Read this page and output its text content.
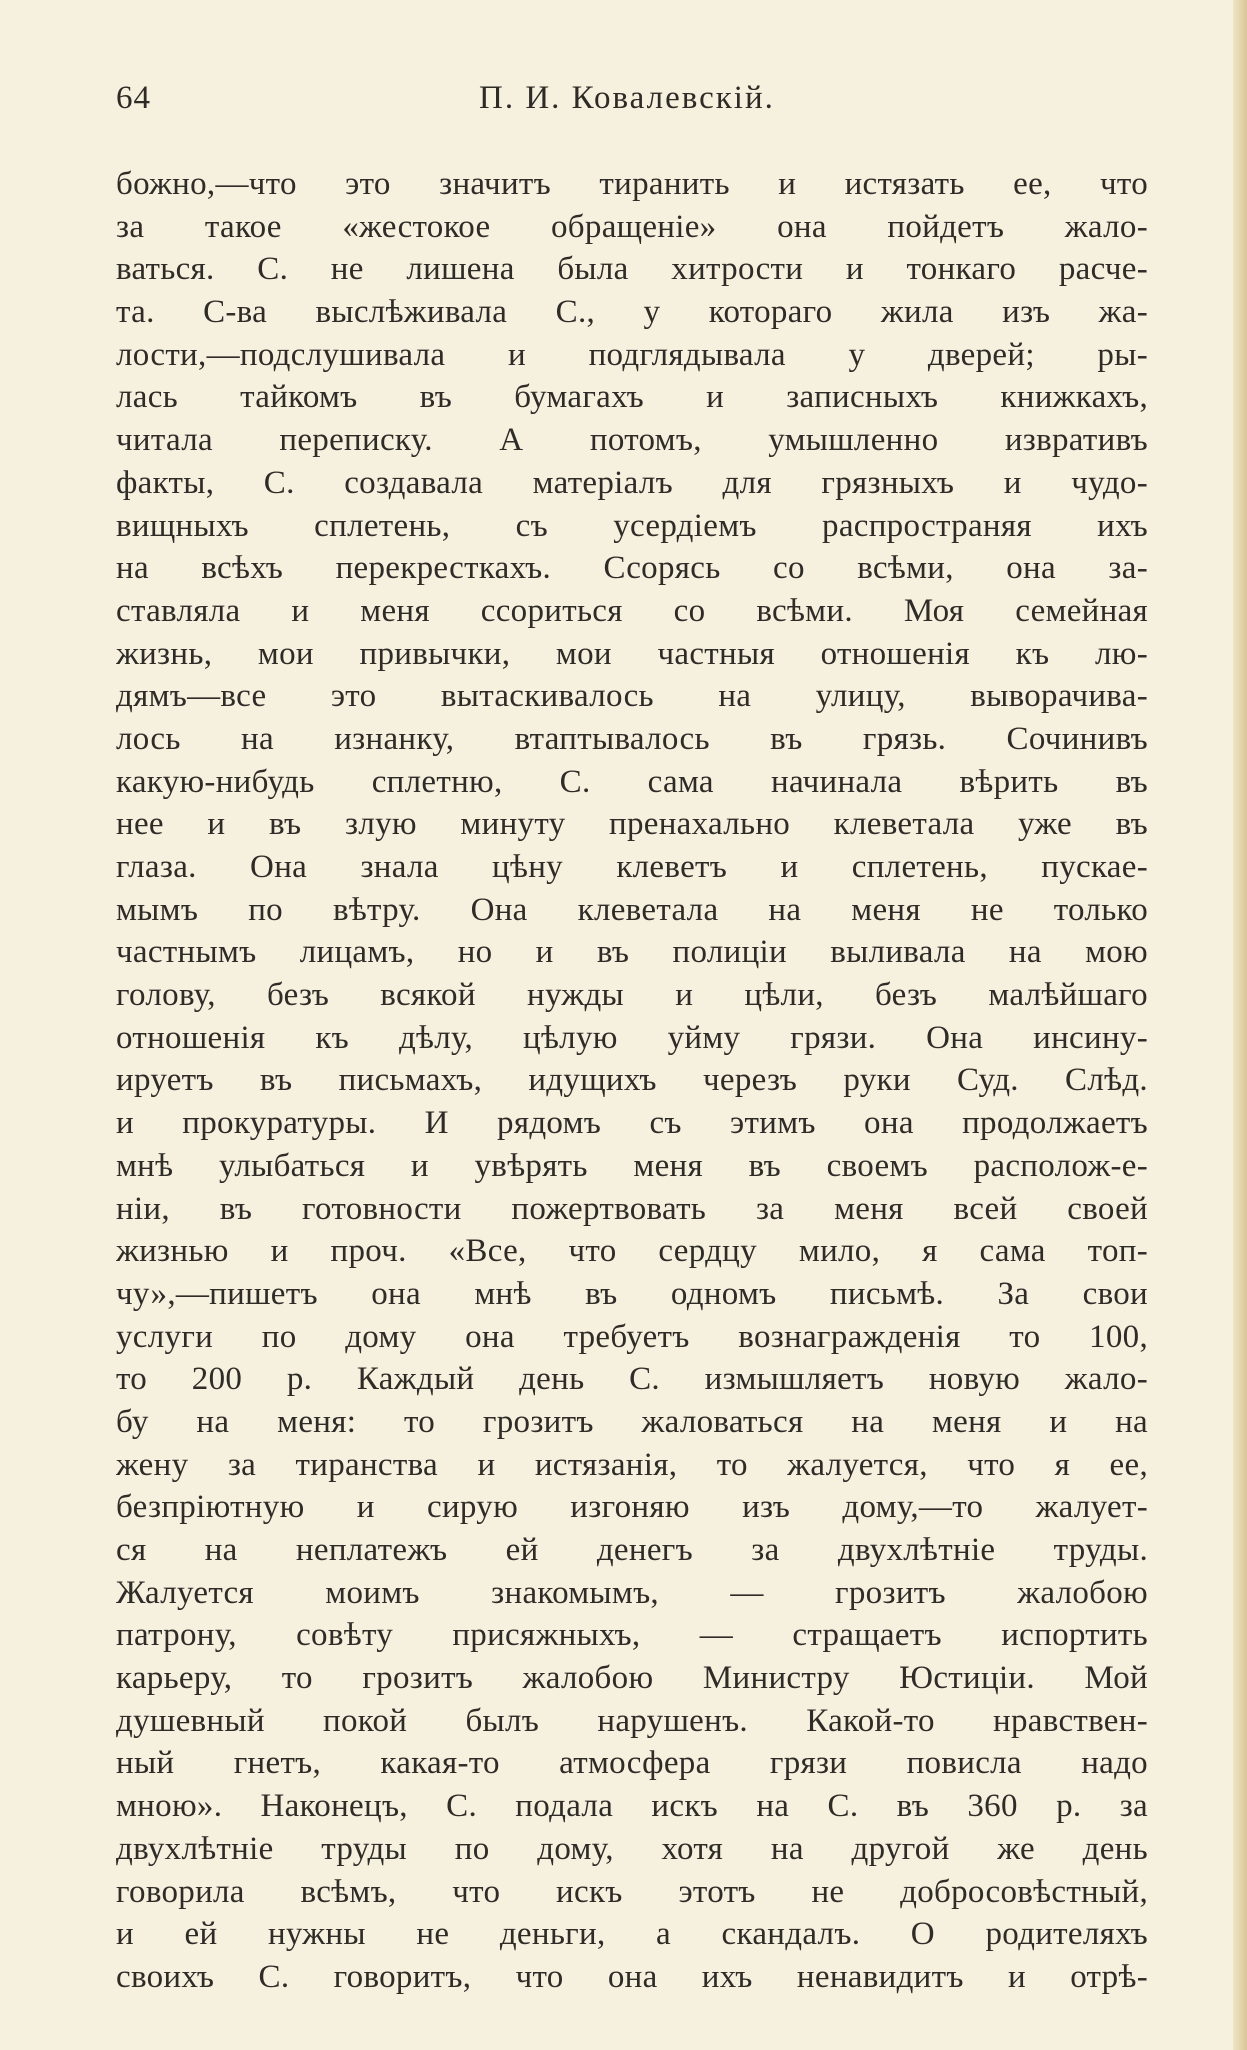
64	П. И. Ковалевскій.
божно,—что это значитъ тиранить и истязать ее, что
за такое «жестокое обращеніе» она пойдетъ жало-
ваться. С. не лишена была хитрости и тонкаго расче-
та. С-ва выслѣживала С., у котораго жила изъ жа-
лости,—подслушивала и подглядывала у дверей; ры-
лась тайкомъ въ бумагахъ и записныхъ книжкахъ,
читала переписку. А потомъ, умышленно извративъ
факты, С. создавала матеріалъ для грязныхъ и чудо-
вищныхъ сплетень, съ усердіемъ распространяя ихъ
на всѣхъ перекресткахъ. Ссорясь со всѣми, она за-
ставляла и меня ссориться со всѣми. Моя семейная
жизнь, мои привычки, мои частныя отношенія къ лю-
дямъ—все это вытаскивалось на улицу, выворачива-
лось на изнанку, втаптывалось въ грязь. Сочинивъ
какую-нибудь сплетню, С. сама начинала вѣрить въ
нее и въ злую минуту пренахально клеветала уже въ
глаза. Она знала цѣну клеветъ и сплетень, пускае-
мымъ по вѣтру. Она клеветала на меня не только
частнымъ лицамъ, но и въ полиціи выливала на мою
голову, безъ всякой нужды и цѣли, безъ малѣйшаго
отношенія къ дѣлу, цѣлую уйму грязи. Она инсину-
ируетъ въ письмахъ, идущихъ черезъ руки Суд. Слѣд.
и прокуратуры. И рядомъ съ этимъ она продолжаетъ
мнѣ улыбаться и увѣрять меня въ своемъ располож-е-
ніи, въ готовности пожертвовать за меня всей своей
жизнью и проч. «Все, что сердцу мило, я сама топ-
чу»,—пишетъ она мнѣ въ одномъ письмѣ. За свои
услуги по дому она требуетъ вознагражденія то 100,
то 200 р. Каждый день С. измышляетъ новую жало-
бу на меня: то грозитъ жаловаться на меня и на
жену за тиранства и истязанія, то жалуется, что я ее,
безпріютную и сирую изгоняю изъ дому,—то жалует-
ся на неплатежъ ей денегъ за двухлѣтніе труды.
Жалуется моимъ знакомымъ, — грозитъ жалобою
патрону, совѣту присяжныхъ, — стращаетъ испортить
карьеру, то грозитъ жалобою Министру Юстиціи. Мой
душевный покой былъ нарушенъ. Какой-то нравствен-
ный гнетъ, какая-то атмосфера грязи повисла надо
мною». Наконецъ, С. подала искъ на С. въ 360 р. за
двухлѣтніе труды по дому, хотя на другой же день
говорила всѣмъ, что искъ этотъ не добросовѣстный,
и ей нужны не деньги, а скандалъ. О родителяхъ
своихъ С. говоритъ, что она ихъ ненавидитъ и отрѣ-
